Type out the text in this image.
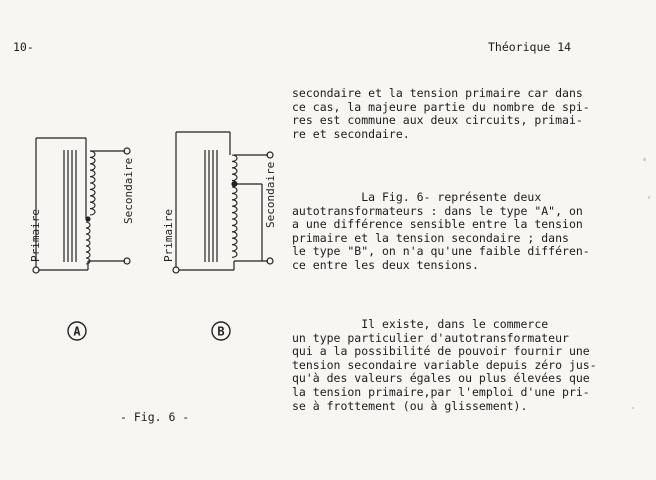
10-	Théorique 14
secondaire et la tension primaire car dans
ce cas, la majeure partie du nombre de spi-
res est commune aux deux circuits, primai-
re et secondaire.
La Fig. 6- représente deux
autotransformateurs : dans le type "A", on
a une différence sensible entre la tension
primaire et la tension secondaire ; dans
le type "B", on n'a qu'une faible différen-
ce entre les deux tensions.
Il existe, dans le commerce
un type particulier d'autotransformateur
qui a la possibilité de pouvoir fournir une
tension secondaire variable depuis zéro jus-
qu'à des valeurs égales ou plus élevées que
la tension primaire,par l'emploi d'une pri-
se à frottement (ou à glissement).
Primaire
Secondaire
Primaire
Secondaire
A	B
- Fig. 6 -
